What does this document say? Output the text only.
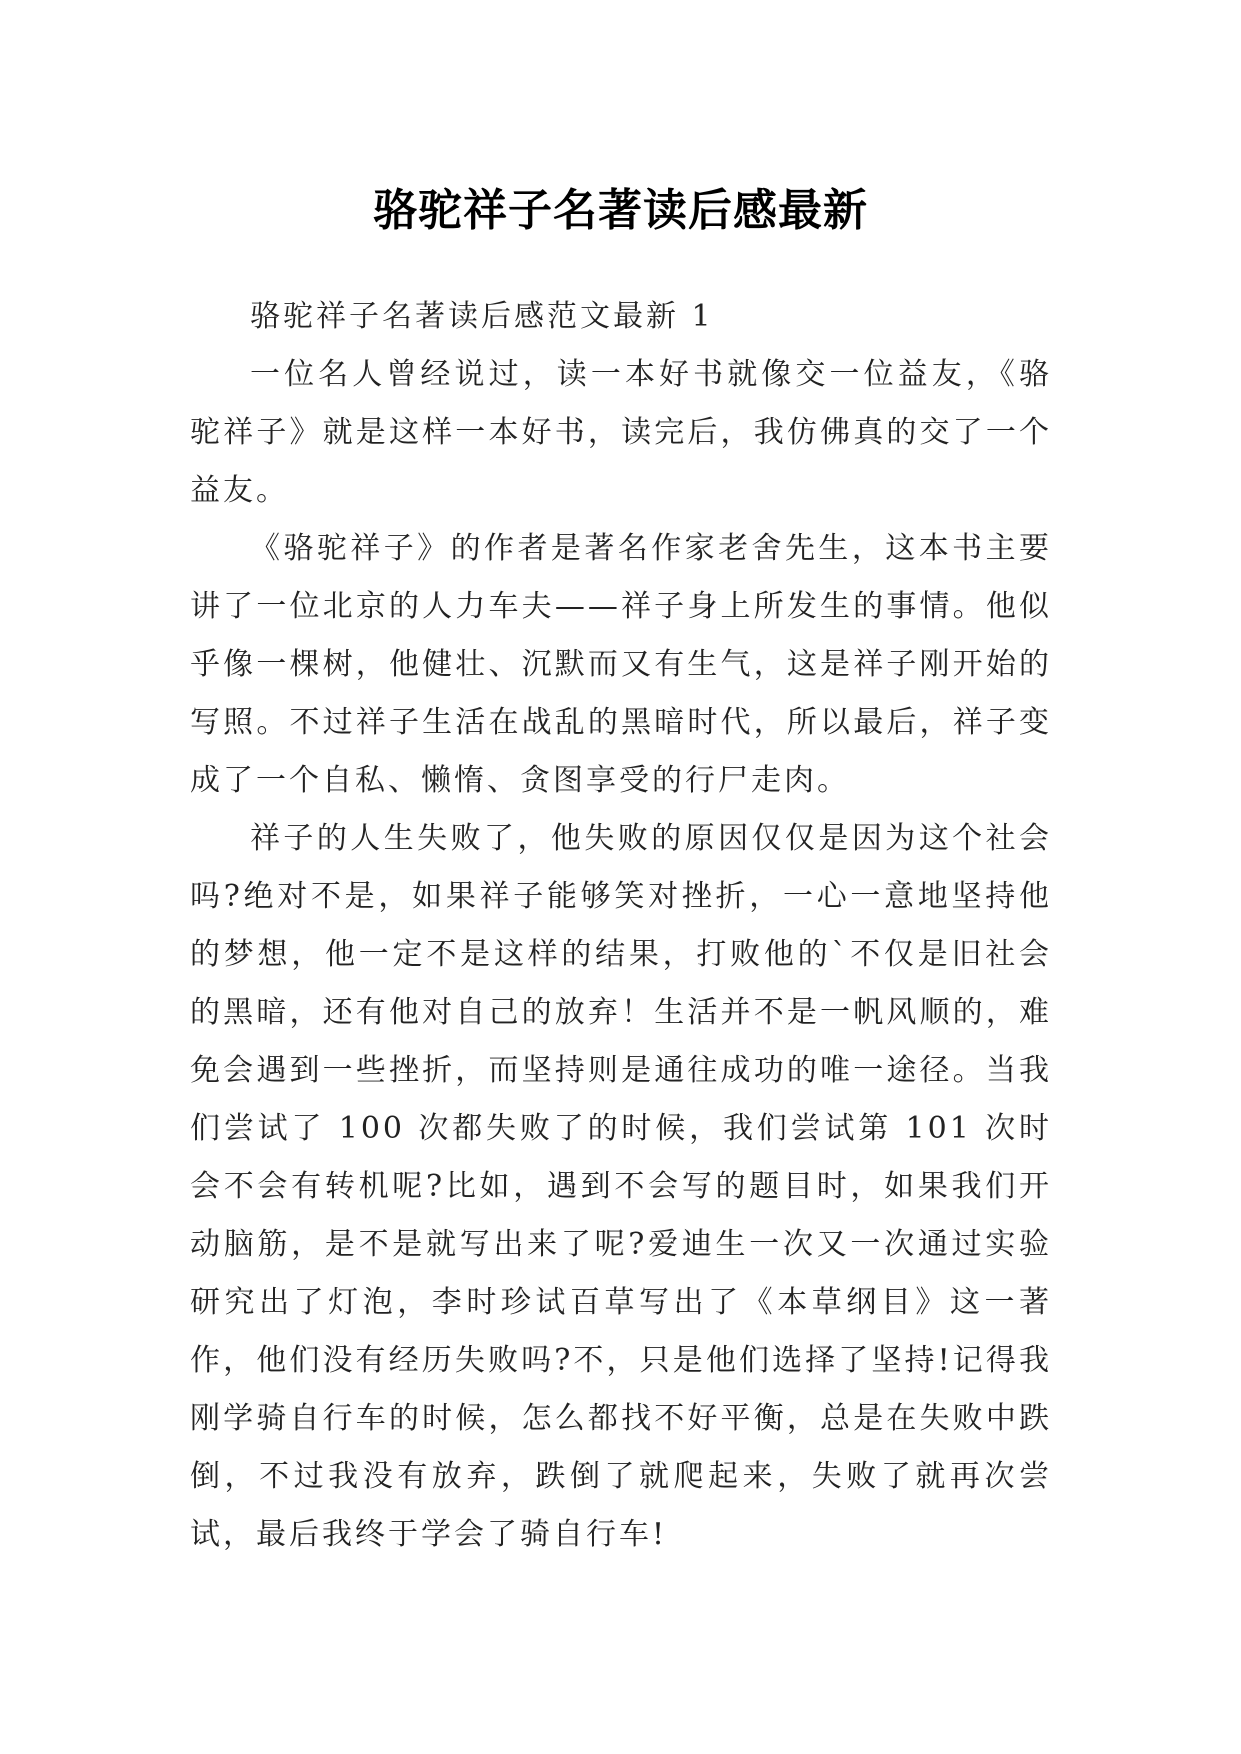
骆驼祥子名著读后感最新

骆驼祥子名著读后感范文最新 1

一位名人曾经说过，读一本好书就像交一位益友，《骆驼祥子》就是这样一本好书，读完后，我仿佛真的交了一个益友。

《骆驼祥子》的作者是著名作家老舍先生，这本书主要讲了一位北京的人力车夫——祥子身上所发生的事情。他似乎像一棵树，他健壮、沉默而又有生气，这是祥子刚开始的写照。不过祥子生活在战乱的黑暗时代，所以最后，祥子变成了一个自私、懒惰、贪图享受的行尸走肉。

祥子的人生失败了，他失败的原因仅仅是因为这个社会吗?绝对不是，如果祥子能够笑对挫折，一心一意地坚持他的梦想，他一定不是这样的结果，打败他的`不仅是旧社会的黑暗，还有他对自己的放弃！生活并不是一帆风顺的，难免会遇到一些挫折，而坚持则是通往成功的唯一途径。当我们尝试了 100 次都失败了的时候，我们尝试第 101 次时会不会有转机呢?比如，遇到不会写的题目时，如果我们开动脑筋，是不是就写出来了呢?爱迪生一次又一次通过实验研究出了灯泡，李时珍试百草写出了《本草纲目》这一著作，他们没有经历失败吗?不，只是他们选择了坚持!记得我刚学骑自行车的时候，怎么都找不好平衡，总是在失败中跌倒，不过我没有放弃，跌倒了就爬起来，失败了就再次尝试，最后我终于学会了骑自行车!
